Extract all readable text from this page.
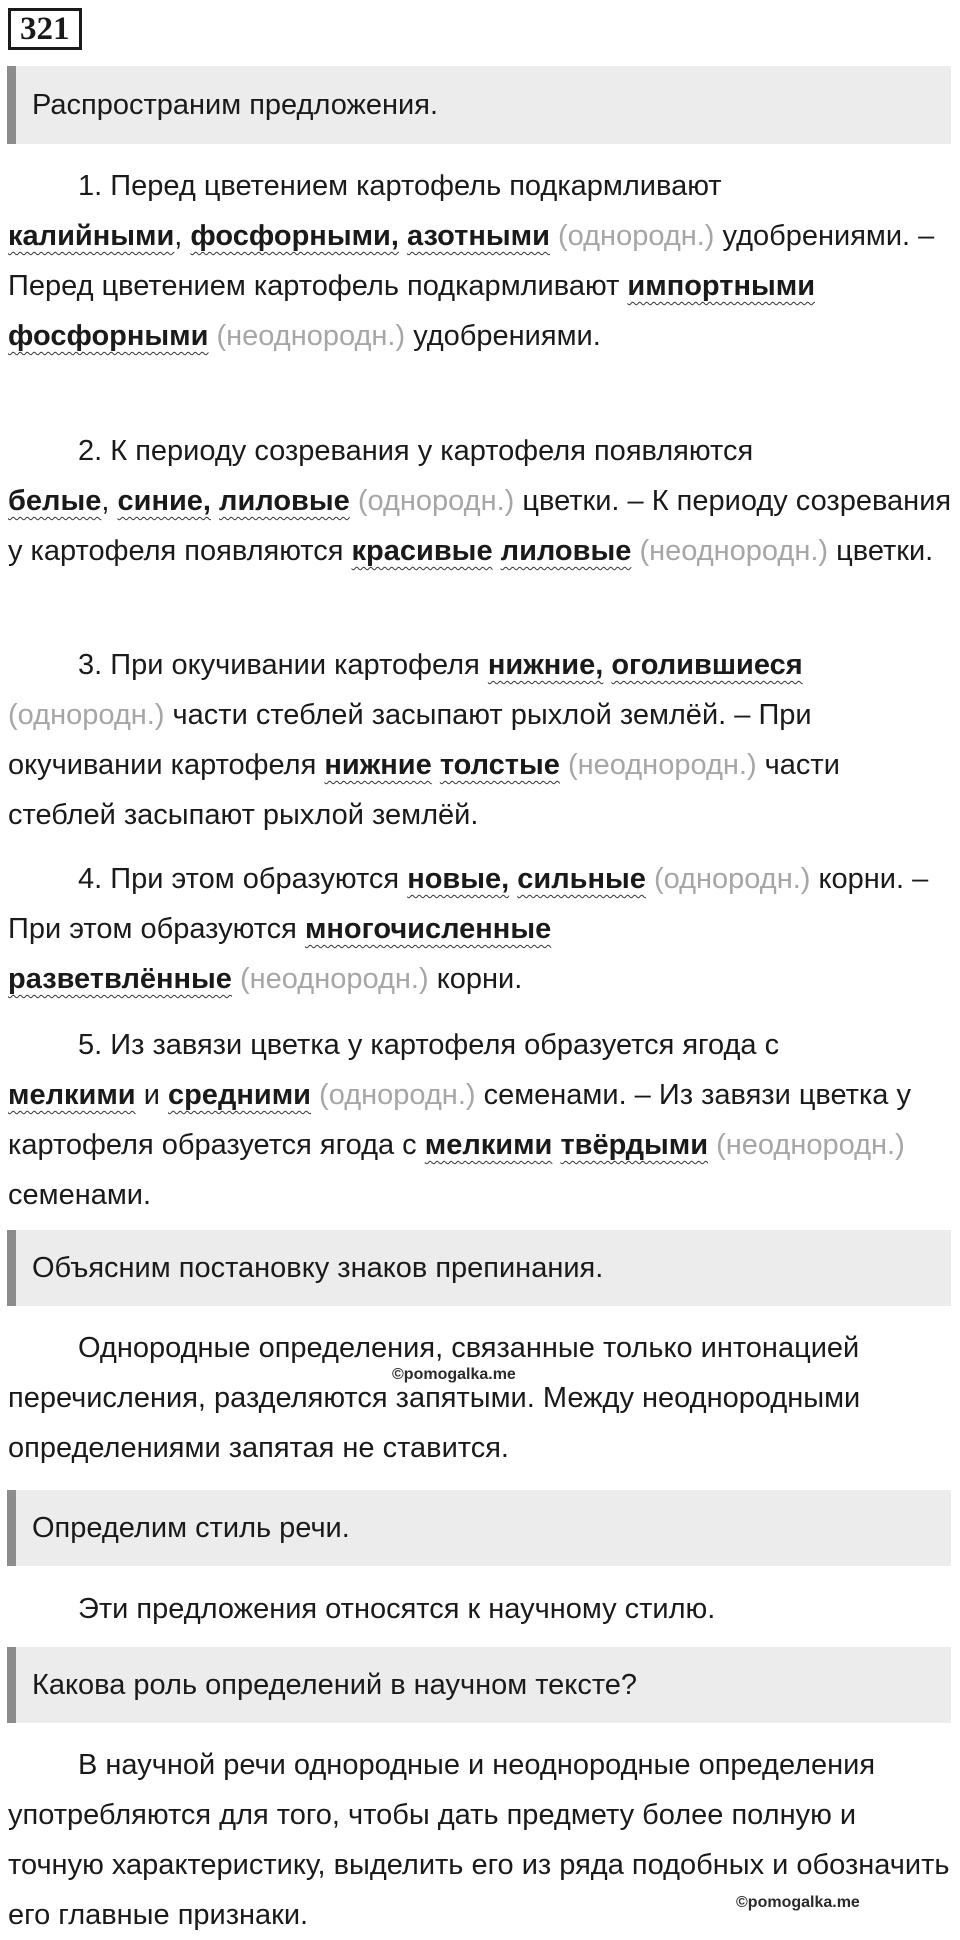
321
Распространим предложения.

1. Перед цветением картофель подкармливают
калийными, фосфорными, азотными (однородн.) удобрениями. – Перед цветением картофель подкармливают импортными фосфорными (неоднородн.) удобрениями.

2. К периоду созревания у картофеля появляются
белые, синие, лиловые (однородн.) цветки. – К периоду созревания у картофеля появляются красивые лиловые (неоднородн.) цветки.

3. При окучивании картофеля нижние, оголившиеся (однородн.) части стеблей засыпают рыхлой землёй. – При окучивании картофеля нижние толстые (неоднородн.) части стеблей засыпают рыхлой землёй.

4. При этом образуются новые, сильные (однородн.) корни. – При этом образуются многочисленные
разветвлённые (неоднородн.) корни.

5. Из завязи цветка у картофеля образуется ягода с
мелкими и средними (однородн.) семенами. – Из завязи цветка у картофеля образуется ягода с мелкими твёрдыми (неоднородн.) семенами.

Объясним постановку знаков препинания.

Однородные определения, связанные только интонацией перечисления, разделяются запятыми. Между неоднородными определениями запятая не ставится.

©pomogalka.me
Определим стиль речи.

Эти предложения относятся к научному стилю.

Какова роль определений в научном тексте?

В научной речи однородные и неоднородные определения употребляются для того, чтобы дать предмету более полную и точную характеристику, выделить его из ряда подобных и обозначить его главные признаки.	©pomogalka.me
